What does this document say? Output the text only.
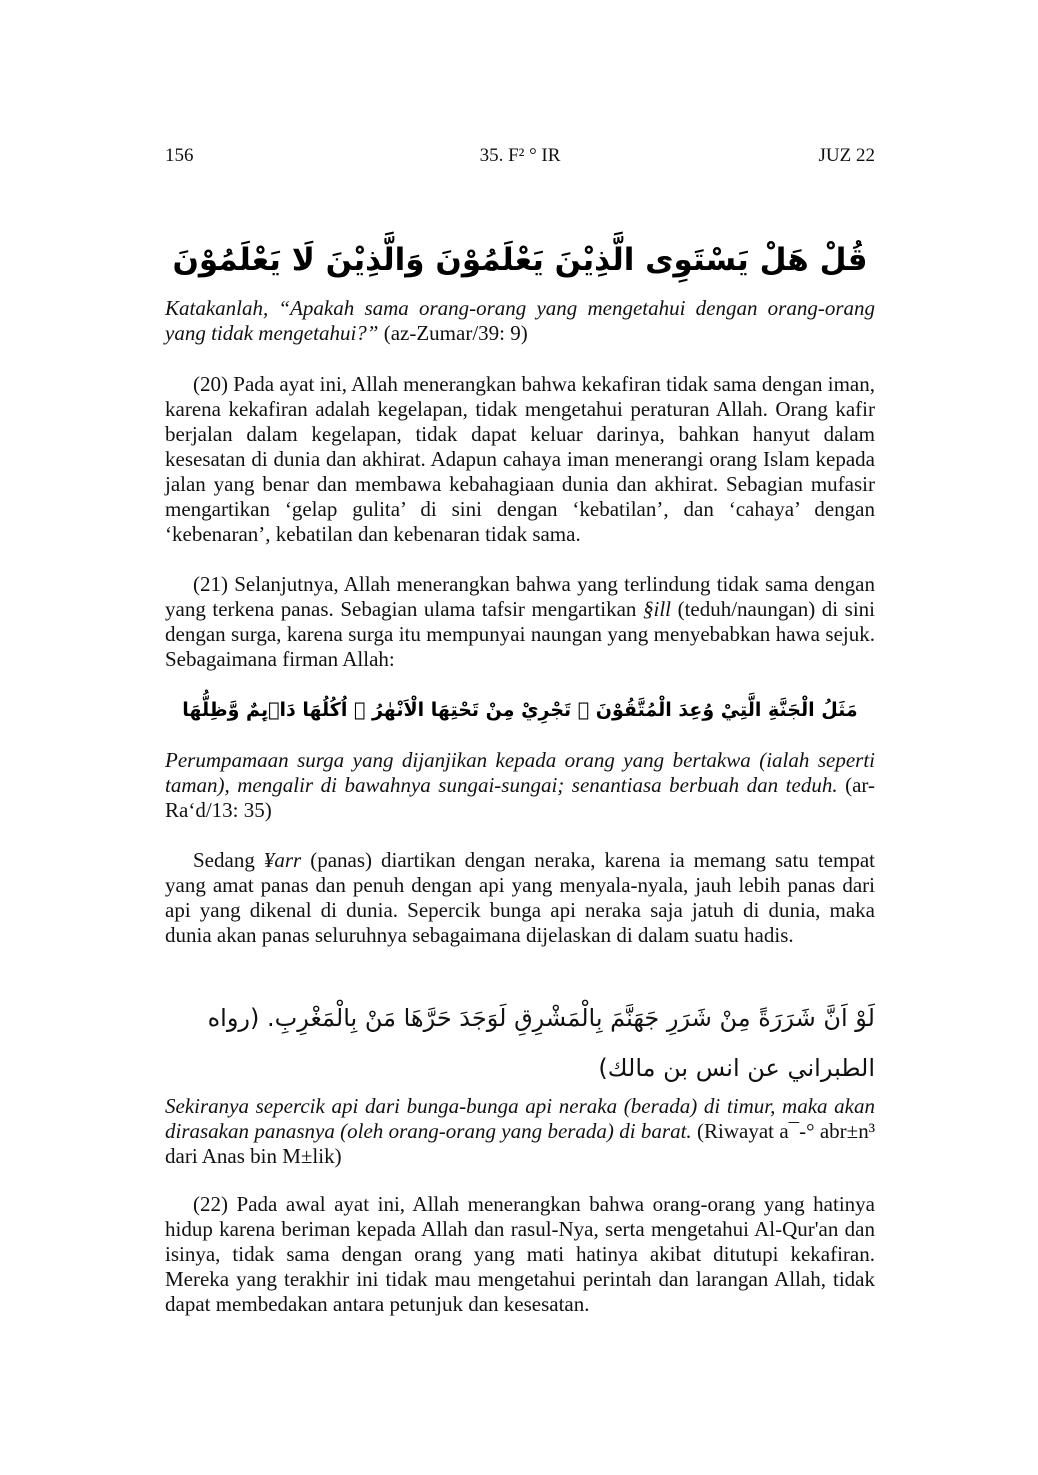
156	35. F² ° IR	JUZ 22
قُلْ هَلْ يَسْتَوِى الَّذِيْنَ يَعْلَمُوْنَ وَالَّذِيْنَ لَا يَعْلَمُوْنَ
Katakanlah, “Apakah sama orang-orang yang mengetahui dengan orang-orang yang tidak mengetahui?” (az-Zumar/39: 9)
(20) Pada ayat ini, Allah menerangkan bahwa kekafiran tidak sama dengan iman, karena kekafiran adalah kegelapan, tidak mengetahui peraturan Allah. Orang kafir berjalan dalam kegelapan, tidak dapat keluar darinya, bahkan hanyut dalam kesesatan di dunia dan akhirat. Adapun cahaya iman menerangi orang Islam kepada jalan yang benar dan membawa kebahagiaan dunia dan akhirat. Sebagian mufasir mengartikan ‘gelap gulita’ di sini dengan ‘kebatilan’, dan ‘cahaya’ dengan ‘kebenaran’, kebatilan dan kebenaran tidak sama.
(21) Selanjutnya, Allah menerangkan bahwa yang terlindung tidak sama dengan yang terkena panas. Sebagian ulama tafsir mengartikan §ill (teduh/naungan) di sini dengan surga, karena surga itu mempunyai naungan yang menyebabkan hawa sejuk. Sebagaimana firman Allah:
مَثَلُ الْجَنَّةِ الَّتِيْ وُعِدَ الْمُتَّقُوْنَ ۗ تَجْرِيْ مِنْ تَحْتِهَا الْاَنْهٰرُ ۗ اُكُلُهَا دَاۤىِٕمٌ وَّظِلُّهَا
Perumpamaan surga yang dijanjikan kepada orang yang bertakwa (ialah seperti taman), mengalir di bawahnya sungai-sungai; senantiasa berbuah dan teduh. (ar-Ra‘d/13: 35)
Sedang ¥arr (panas) diartikan dengan neraka, karena ia memang satu tempat yang amat panas dan penuh dengan api yang menyala-nyala, jauh lebih panas dari api yang dikenal di dunia. Sepercik bunga api neraka saja jatuh di dunia, maka dunia akan panas seluruhnya sebagaimana dijelaskan di dalam suatu hadis.
لَوْ اَنَّ شَرَرَةً مِنْ شَرَرِ جَهَنَّمَ بِالْمَشْرِقِ لَوَجَدَ حَرَّهَا مَنْ بِالْمَغْرِبِ. (رواه الطبراني عن انس بن مالك)
Sekiranya sepercik api dari bunga-bunga api neraka (berada) di timur, maka akan dirasakan panasnya (oleh orang-orang yang berada) di barat. (Riwayat a¯-° abr±n³ dari Anas bin M±lik)
(22) Pada awal ayat ini, Allah menerangkan bahwa orang-orang yang hatinya hidup karena beriman kepada Allah dan rasul-Nya, serta mengetahui Al-Qur'an dan isinya, tidak sama dengan orang yang mati hatinya akibat ditutupi kekafiran. Mereka yang terakhir ini tidak mau mengetahui perintah dan larangan Allah, tidak dapat membedakan antara petunjuk dan kesesatan.
